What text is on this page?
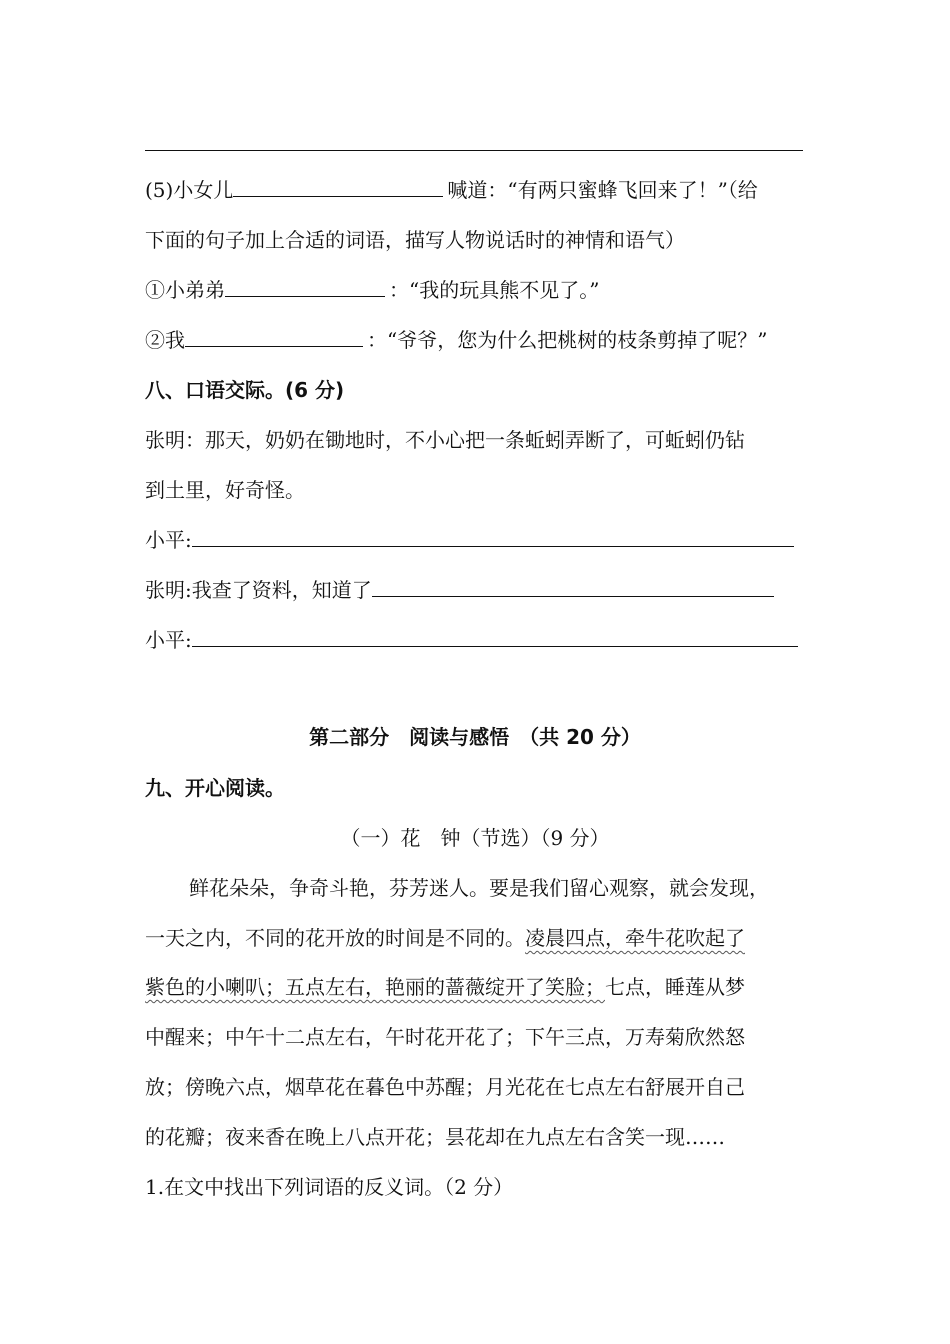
(5)小女儿	喊道：“有两只蜜蜂飞回来了！”（给
下面的句子加上合适的词语，描写人物说话时的神情和语气）
①小弟弟	：“我的玩具熊不见了。”
②我	：“爷爷，您为什么把桃树的枝条剪掉了呢？”
八、口语交际。(6 分)
张明：那天，奶奶在锄地时，不小心把一条蚯蚓弄断了，可蚯蚓仍钻
到土里，好奇怪。
小平:
张明:我查了资料，知道了
小平:
第二部分　阅读与感悟　（共 20 分）
九、开心阅读。
（一）花　钟（节选）（9 分）
鲜花朵朵，争奇斗艳，芬芳迷人。要是我们留心观察，就会发现，
一天之内，不同的花开放的时间是不同的。凌晨四点，牵牛花吹起了
紫色的小喇叭；五点左右，艳丽的蔷薇绽开了笑脸；七点，睡莲从梦
中醒来；中午十二点左右，午时花开花了；下午三点，万寿菊欣然怒
放；傍晚六点，烟草花在暮色中苏醒；月光花在七点左右舒展开自己
的花瓣；夜来香在晚上八点开花；昙花却在九点左右含笑一现……
1.在文中找出下列词语的反义词。（2 分）
